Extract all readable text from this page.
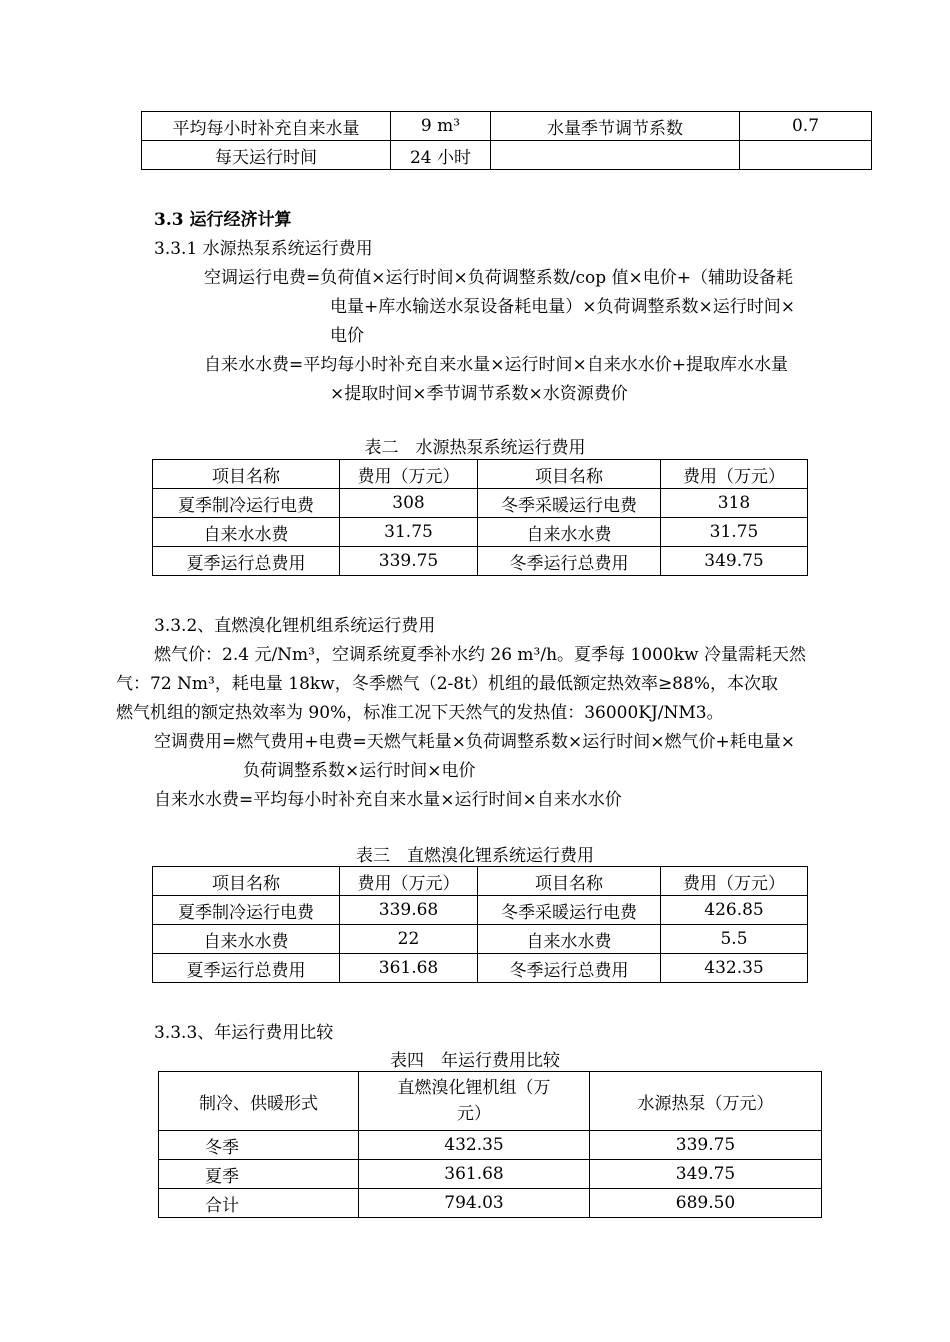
平均每小时补充自来水量	9 m³	水量季节调节系数	0.7
每天运行时间	24 小时		
3.3 运行经济计算
3.3.1 水源热泵系统运行费用
空调运行电费=负荷值×运行时间×负荷调整系数/cop 值×电价+（辅助设备耗
电量+库水输送水泵设备耗电量）×负荷调整系数×运行时间×
电价
自来水水费=平均每小时补充自来水量×运行时间×自来水水价+提取库水水量
×提取时间×季节调节系数×水资源费价
表二　水源热泵系统运行费用
项目名称	费用（万元）	项目名称	费用（万元）
夏季制冷运行电费	308	冬季采暖运行电费	318
自来水水费	31.75	自来水水费	31.75
夏季运行总费用	339.75	冬季运行总费用	349.75
3.3.2、直燃溴化锂机组系统运行费用
燃气价：2.4 元/Nm³，空调系统夏季补水约 26 m³/h。夏季每 1000kw 冷量需耗天然
气：72 Nm³，耗电量 18kw，冬季燃气（2-8t）机组的最低额定热效率≥88%，本次取
燃气机组的额定热效率为 90%，标准工况下天然气的发热值：36000KJ/NM3。
空调费用=燃气费用+电费=天燃气耗量×负荷调整系数×运行时间×燃气价+耗电量×
负荷调整系数×运行时间×电价
自来水水费=平均每小时补充自来水量×运行时间×自来水水价
表三　直燃溴化锂系统运行费用
项目名称	费用（万元）	项目名称	费用（万元）
夏季制冷运行电费	339.68	冬季采暖运行电费	426.85
自来水水费	22	自来水水费	5.5
夏季运行总费用	361.68	冬季运行总费用	432.35
3.3.3、年运行费用比较
表四　年运行费用比较
制冷、供暖形式	直燃溴化锂机组（万
元）	水源热泵（万元）
冬季	432.35	339.75
夏季	361.68	349.75
合计	794.03	689.50
